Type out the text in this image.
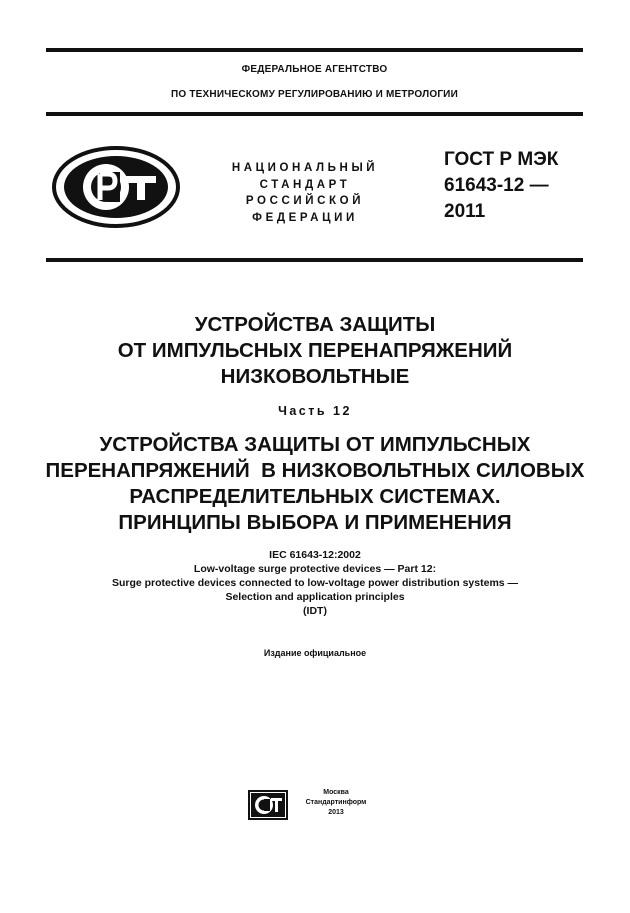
ФЕДЕРАЛЬНОЕ АГЕНТСТВО
ПО ТЕХНИЧЕСКОМУ РЕГУЛИРОВАНИЮ И МЕТРОЛОГИИ
НАЦИОНАЛЬНЫЙ
СТАНДАРТ
РОССИЙСКОЙ
ФЕДЕРАЦИИ
ГОСТ Р МЭК
61643-12 —
2011
УСТРОЙСТВА ЗАЩИТЫ
ОТ ИМПУЛЬСНЫХ ПЕРЕНАПРЯЖЕНИЙ
НИЗКОВОЛЬТНЫЕ
Часть 12
УСТРОЙСТВА ЗАЩИТЫ ОТ ИМПУЛЬСНЫХ
ПЕРЕНАПРЯЖЕНИЙ  В НИЗКОВОЛЬТНЫХ СИЛОВЫХ
РАСПРЕДЕЛИТЕЛЬНЫХ СИСТЕМАХ.
ПРИНЦИПЫ ВЫБОРА И ПРИМЕНЕНИЯ
IEC 61643-12:2002
Low-voltage surge protective devices — Part 12:
Surge protective devices connected to low-voltage power distribution systems —
Selection and application principles
(IDT)
Издание официальное
Москва
Стандартинформ
2013
